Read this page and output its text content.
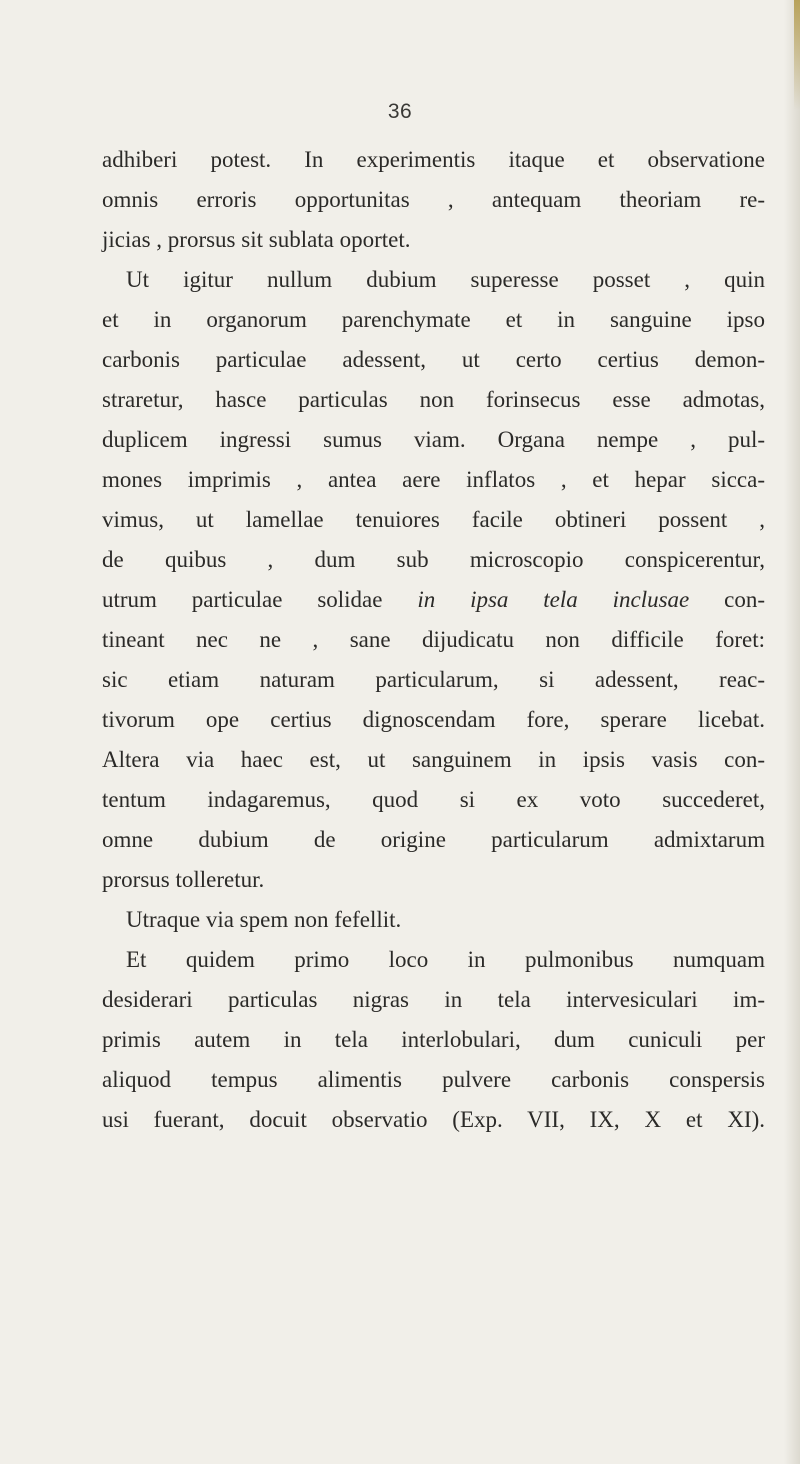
36
adhiberi potest. In experimentis itaque et observatione
omnis erroris opportunitas , antequam theoriam re-
jicias , prorsus sit sublata oportet.
Ut igitur nullum dubium superesse posset , quin
et in organorum parenchymate et in sanguine ipso
carbonis particulae adessent, ut certo certius demon-
straretur, hasce particulas non forinsecus esse admotas,
duplicem ingressi sumus viam. Organa nempe , pul-
mones imprimis , antea aere inflatos , et hepar sicca-
vimus, ut lamellae tenuiores facile obtineri possent ,
de quibus , dum sub microscopio conspicerentur,
utrum particulae solidae in ipsa tela inclusae con-
tineant nec ne , sane dijudicatu non difficile foret:
sic etiam naturam particularum, si adessent, reac-
tivorum ope certius dignoscendam fore, sperare licebat.
Altera via haec est, ut sanguinem in ipsis vasis con-
tentum indagaremus, quod si ex voto succederet,
omne dubium de origine particularum admixtarum
prorsus tolleretur.
Utraque via spem non fefellit.
Et quidem primo loco in pulmonibus numquam
desiderari particulas nigras in tela intervesiculari im-
primis autem in tela interlobulari, dum cuniculi per
aliquod tempus alimentis pulvere carbonis conspersis
usi fuerant, docuit observatio (Exp. VII, IX, X et XI).
